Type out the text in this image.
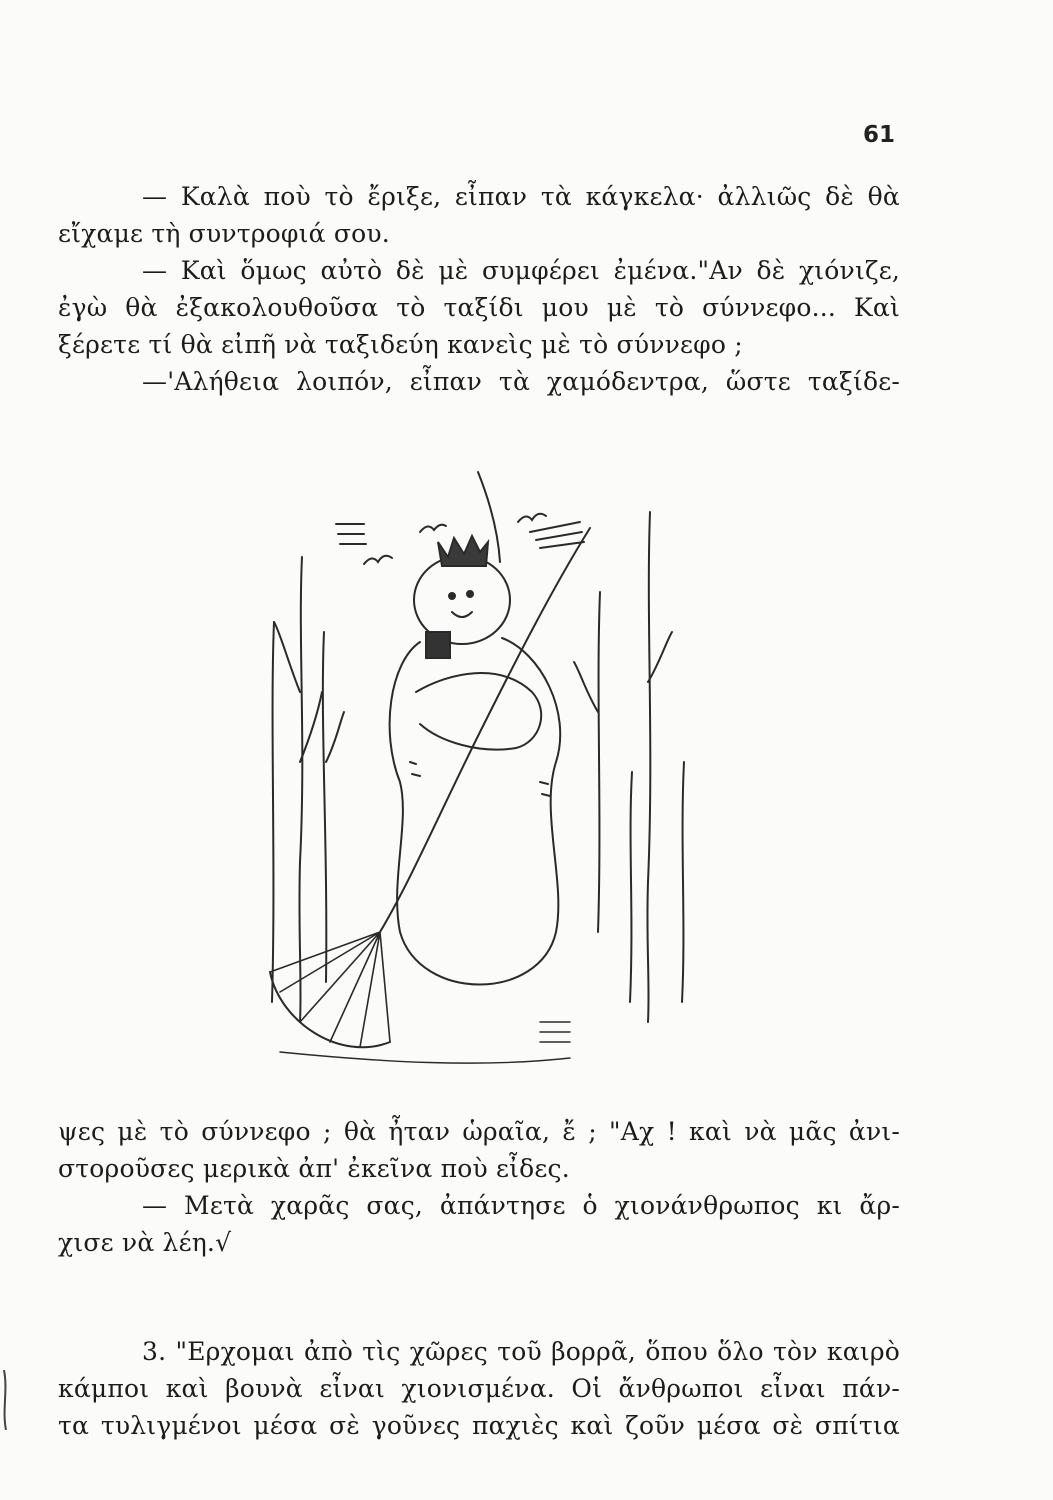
61
— Καλὰ ποὺ τὸ ἔριξε, εἶπαν τὰ κάγκελα· ἀλλιῶς δὲ θὰ
εἴχαμε τὴ συντροφιά σου.
— Καὶ ὅμως αὐτὸ δὲ μὲ συμφέρει ἐμένα."Αν δὲ χιόνιζε,
ἐγὼ θὰ ἐξακολουθοῦσα τὸ ταξίδι μου μὲ τὸ σύννεφο... Καὶ
ξέρετε τί θὰ εἰπῆ νὰ ταξιδεύη κανεὶς μὲ τὸ σύννεφο ;
—'Αλήθεια λοιπόν, εἶπαν τὰ χαμόδεντρα, ὥστε ταξίδε-
ψες μὲ τὸ σύννεφο ; θὰ ἦταν ὡραῖα, ἔ ; "Αχ ! καὶ νὰ μᾶς ἀνι-
στοροῦσες μερικὰ ἀπ' ἐκεῖνα ποὺ εἶδες.
— Μετὰ χαρᾶς σας, ἀπάντησε ὁ χιονάνθρωπος κι ἄρ-
χισε νὰ λέη.√
3. "Ερχομαι ἀπὸ τὶς χῶρες τοῦ βορρᾶ, ὅπου ὅλο τὸν καιρὸ
κάμποι καὶ βουνὰ εἶναι χιονισμένα. Οἱ ἄνθρωποι εἶναι πάν-
τα τυλιγμένοι μέσα σὲ γοῦνες παχιὲς καὶ ζοῦν μέσα σὲ σπίτια
